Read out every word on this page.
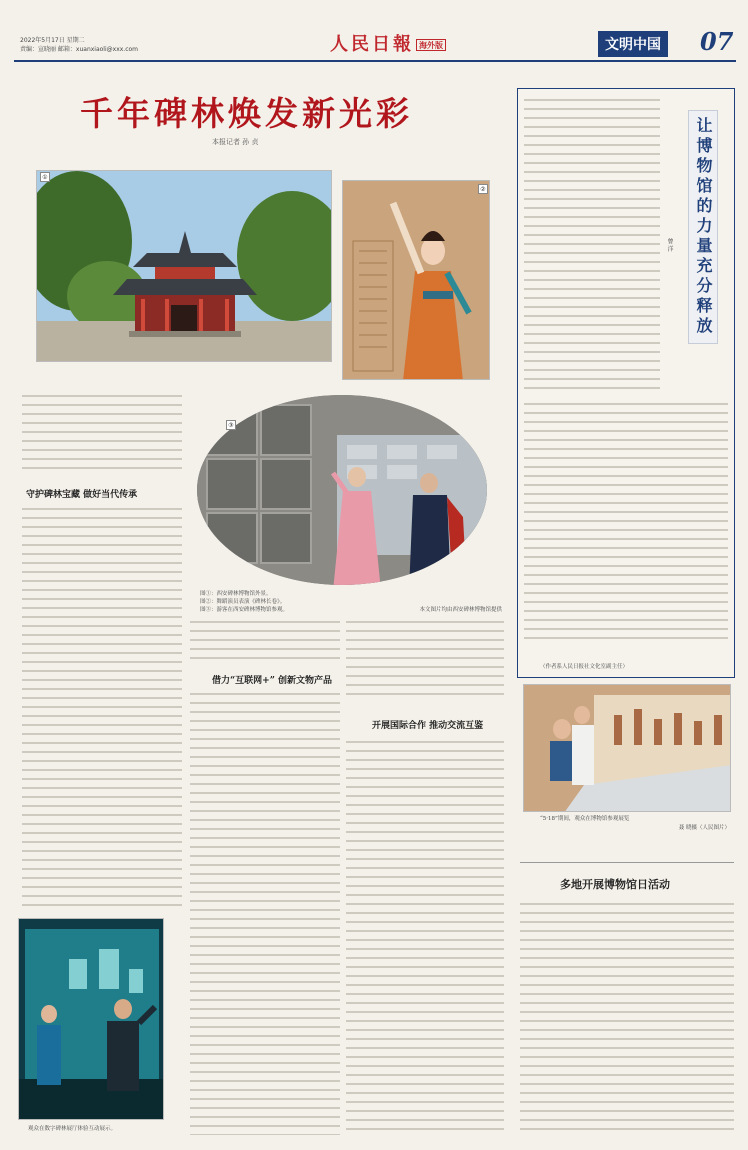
2022年5月17日 星期二
责编：宣晓丽 邮箱：xuanxiaoli@xxx.com	人民日報 海外版	文明中国 07
千年碑林焕发新光彩
本报记者 孙 贞
①
②
③
图①：西安碑林博物馆外景。
图②：舞蹈演员表演《碑林长卷》。
图③：游客在西安碑林博物馆参观。	本文图片均由西安碑林博物馆提供
守护碑林宝藏 做好当代传承
借力“互联网+” 创新文物产品
开展国际合作 推动交流互鉴
观众在数字碑林展厅体验互动展示。
让博物馆的力量充分释放
曾 洋
（作者系人民日报社文化室副主任）
“5·18”期间，观众在博物馆参观展览
聂 晓摄（人民图片）
多地开展博物馆日活动
